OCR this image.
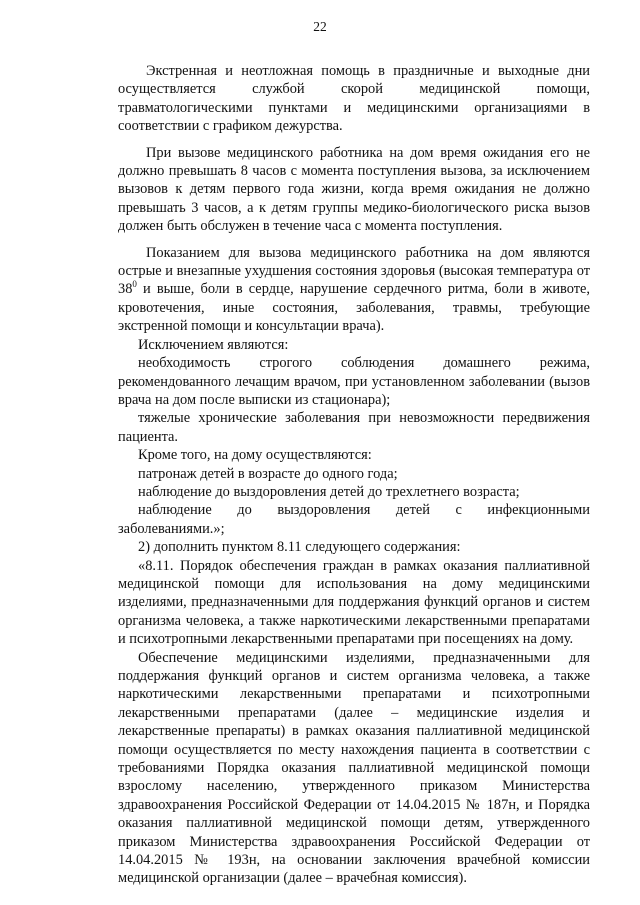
22

Экстренная и неотложная помощь в праздничные и выходные дни осуществляется службой скорой медицинской помощи, травматологическими пунктами и медицинскими организациями в соответствии с графиком дежурства.

При вызове медицинского работника на дом время ожидания его не должно превышать 8 часов с момента поступления вызова, за исключением вызовов к детям первого года жизни, когда время ожидания не должно превышать 3 часов, а к детям группы медико-биологического риска вызов должен быть обслужен в течение часа с момента поступления.

Показанием для вызова медицинского работника на дом являются острые и внезапные ухудшения состояния здоровья (высокая температура от $38^0$ и выше, боли в сердце, нарушение сердечного ритма, боли в животе, кровотечения, иные состояния, заболевания, травмы, требующие экстренной помощи и консультации врача).

Исключением являются:

необходимость строгого соблюдения домашнего режима, рекомендованного лечащим врачом, при установленном заболевании (вызов врача на дом после выписки из стационара);

тяжелые хронические заболевания при невозможности передвижения пациента.

Кроме того, на дому осуществляются:

патронаж детей в возрасте до одного года;

наблюдение до выздоровления детей до трехлетнего возраста;

наблюдение до выздоровления детей с инфекционными заболеваниями.»;

2) дополнить пунктом 8.11 следующего содержания:

«8.11. Порядок обеспечения граждан в рамках оказания паллиативной медицинской помощи для использования на дому медицинскими изделиями, предназначенными для поддержания функций органов и систем организма человека, а также наркотическими лекарственными препаратами и психотропными лекарственными препаратами при посещениях на дому.

Обеспечение медицинскими изделиями, предназначенными для поддержания функций органов и систем организма человека, а также наркотическими лекарственными препаратами и психотропными лекарственными препаратами (далее – медицинские изделия и лекарственные препараты) в рамках оказания паллиативной медицинской помощи осуществляется по месту нахождения пациента в соответствии с требованиями Порядка оказания паллиативной медицинской помощи взрослому населению, утвержденного приказом Министерства здравоохранения Российской Федерации от 14.04.2015 № 187н, и Порядка оказания паллиативной медицинской помощи детям, утвержденного приказом Министерства здравоохранения Российской Федерации от 14.04.2015 № 193н, на основании заключения врачебной комиссии медицинской организации (далее – врачебная комиссия).
